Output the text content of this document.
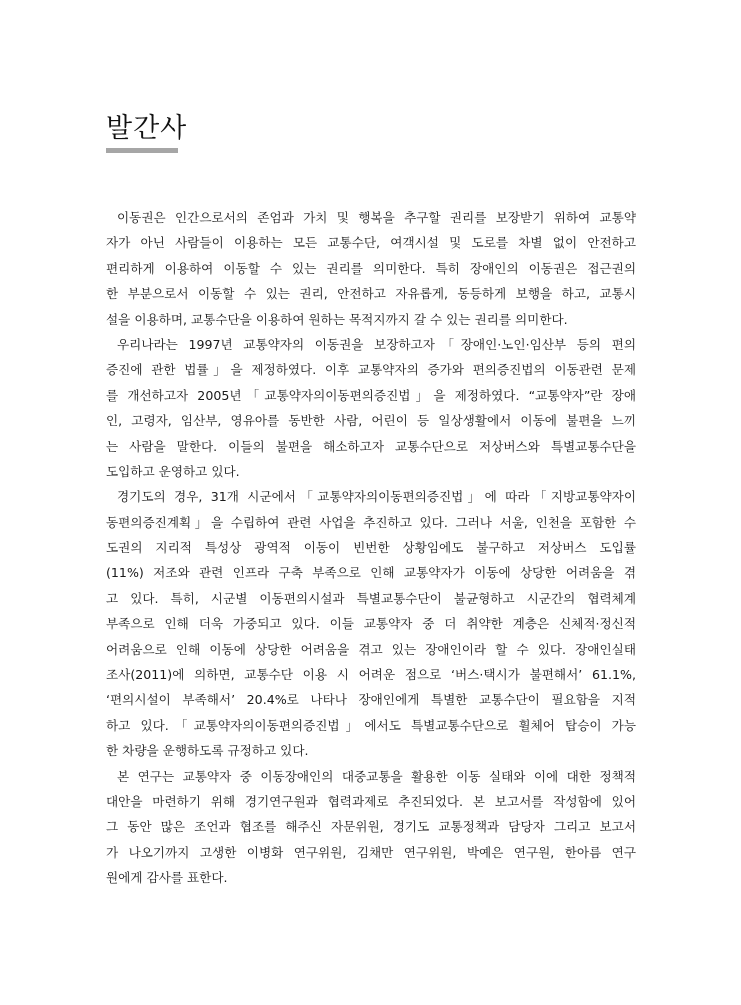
발간사
이동권은 인간으로서의 존엄과 가치 및 행복을 추구할 권리를 보장받기 위하여 교통약
자가 아닌 사람들이 이용하는 모든 교통수단, 여객시설 및 도로를 차별 없이 안전하고
편리하게 이용하여 이동할 수 있는 권리를 의미한다. 특히 장애인의 이동권은 접근권의
한 부분으로서 이동할 수 있는 권리, 안전하고 자유롭게, 동등하게 보행을 하고, 교통시
설을 이용하며, 교통수단을 이용하여 원하는 목적지까지 갈 수 있는 권리를 의미한다.
우리나라는 1997년 교통약자의 이동권을 보장하고자「장애인·노인·임산부 등의 편의
증진에 관한 법률」을 제정하였다. 이후 교통약자의 증가와 편의증진법의 이동관련 문제
를 개선하고자 2005년「교통약자의이동편의증진법」을 제정하였다. “교통약자”란 장애
인, 고령자, 임산부, 영유아를 동반한 사람, 어린이 등 일상생활에서 이동에 불편을 느끼
는 사람을 말한다. 이들의 불편을 해소하고자 교통수단으로 저상버스와 특별교통수단을
도입하고 운영하고 있다.
경기도의 경우, 31개 시군에서「교통약자의이동편의증진법」에 따라「지방교통약자이
동편의증진계획」을 수립하여 관련 사업을 추진하고 있다. 그러나 서울, 인천을 포함한 수
도권의 지리적 특성상 광역적 이동이 빈번한 상황임에도 불구하고 저상버스 도입률
(11%) 저조와 관련 인프라 구축 부족으로 인해 교통약자가 이동에 상당한 어려움을 겪
고 있다. 특히, 시군별 이동편의시설과 특별교통수단이 불균형하고 시군간의 협력체계
부족으로 인해 더욱 가중되고 있다. 이들 교통약자 중 더 취약한 계층은 신체적·정신적
어려움으로 인해 이동에 상당한 어려움을 겪고 있는 장애인이라 할 수 있다. 장애인실태
조사(2011)에 의하면, 교통수단 이용 시 어려운 점으로 ‘버스·택시가 불편해서’ 61.1%,
‘편의시설이 부족해서’ 20.4%로 나타나 장애인에게 특별한 교통수단이 필요함을 지적
하고 있다.「교통약자의이동편의증진법」에서도 특별교통수단으로 휠체어 탑승이 가능
한 차량을 운행하도록 규정하고 있다.
본 연구는 교통약자 중 이동장애인의 대중교통을 활용한 이동 실태와 이에 대한 정책적
대안을 마련하기 위해 경기연구원과 협력과제로 추진되었다. 본 보고서를 작성함에 있어
그 동안 많은 조언과 협조를 해주신 자문위원, 경기도 교통정책과 담당자 그리고 보고서
가 나오기까지 고생한 이병화 연구위원, 김채만 연구위원, 박예은 연구원, 한아름 연구
원에게 감사를 표한다.
